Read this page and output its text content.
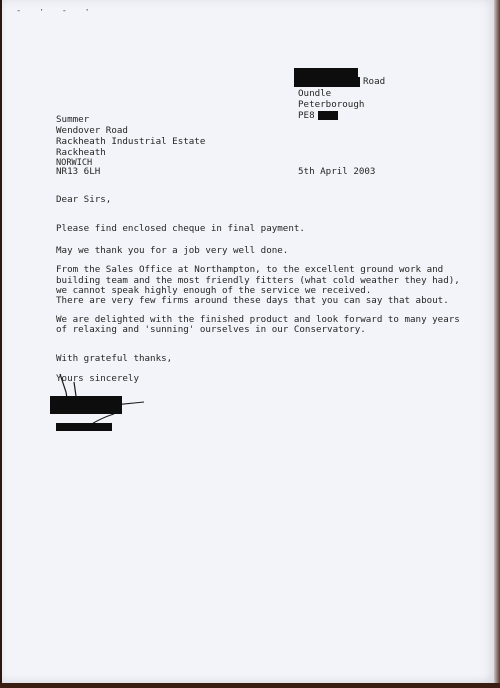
- · - ·
Road
Oundle
Peterborough
PE8
Summer
Wendover Road
Rackheath Industrial Estate
Rackheath
NORWICH
NR13 6LH	5th April 2003
Dear Sirs,
Please find enclosed cheque in final payment.
May we thank you for a job very well done.
From the Sales Office at Northampton, to the excellent ground work and
building team and the most friendly fitters (what cold weather they had),
we cannot speak highly enough of the service we received.
There are very few firms around these days that you can say that about.
We are delighted with the finished product and look forward to many years
of relaxing and 'sunning' ourselves in our Conservatory.
With grateful thanks,
Yours sincerely
